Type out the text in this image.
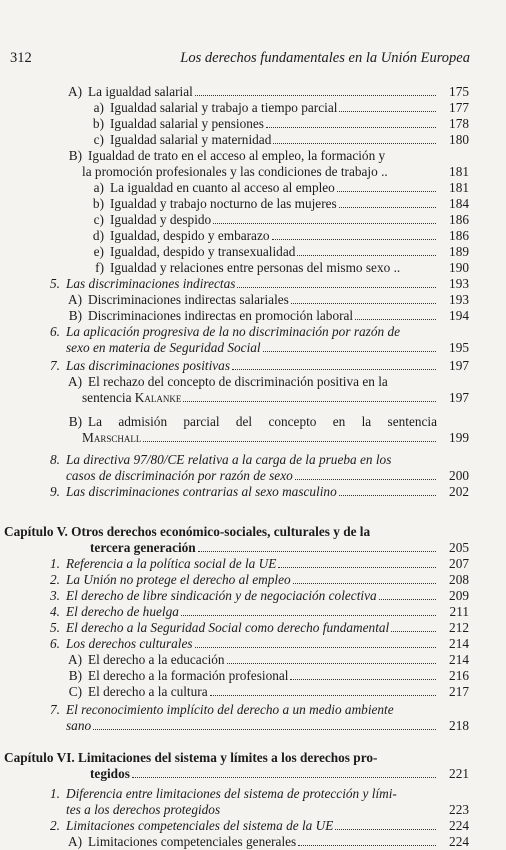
312	Los derechos fundamentales en la Unión Europea
A) La igualdad salarial	175
a) Igualdad salarial y trabajo a tiempo parcial	177
b) Igualdad salarial y pensiones	178
c) Igualdad salarial y maternidad	180
B) Igualdad de trato en el acceso al empleo, la formación y
la promoción profesionales y las condiciones de trabajo ..	181
a) La igualdad en cuanto al acceso al empleo	181
b) Igualdad y trabajo nocturno de las mujeres	184
c) Igualdad y despido	186
d) Igualdad, despido y embarazo	186
e) Igualdad, despido y transexualidad	189
f) Igualdad y relaciones entre personas del mismo sexo ..	190
5. Las discriminaciones indirectas	193
A) Discriminaciones indirectas salariales	193
B) Discriminaciones indirectas en promoción laboral	194
6. La aplicación progresiva de la no discriminación por razón de
sexo en materia de Seguridad Social	195
7. Las discriminaciones positivas	197
A) El rechazo del concepto de discriminación positiva en la
sentencia Kalanke	197
B) La admisión parcial del concepto en la sentencia
Marschall	199
8. La directiva 97/80/CE relativa a la carga de la prueba en los
casos de discriminación por razón de sexo	200
9. Las discriminaciones contrarias al sexo masculino	202
Capítulo V. Otros derechos económico-sociales, culturales y de la
tercera generación	205
1. Referencia a la política social de la UE	207
2. La Unión no protege el derecho al empleo	208
3. El derecho de libre sindicación y de negociación colectiva	209
4. El derecho de huelga	211
5. El derecho a la Seguridad Social como derecho fundamental	212
6. Los derechos culturales	214
A) El derecho a la educación	214
B) El derecho a la formación profesional	216
C) El derecho a la cultura	217
7. El reconocimiento implícito del derecho a un medio ambiente
sano	218
Capítulo VI. Limitaciones del sistema y límites a los derechos pro-
tegidos	221
1. Diferencia entre limitaciones del sistema de protección y lími-
tes a los derechos protegidos	223
2. Limitaciones competenciales del sistema de la UE	224
A) Limitaciones competenciales generales	224
